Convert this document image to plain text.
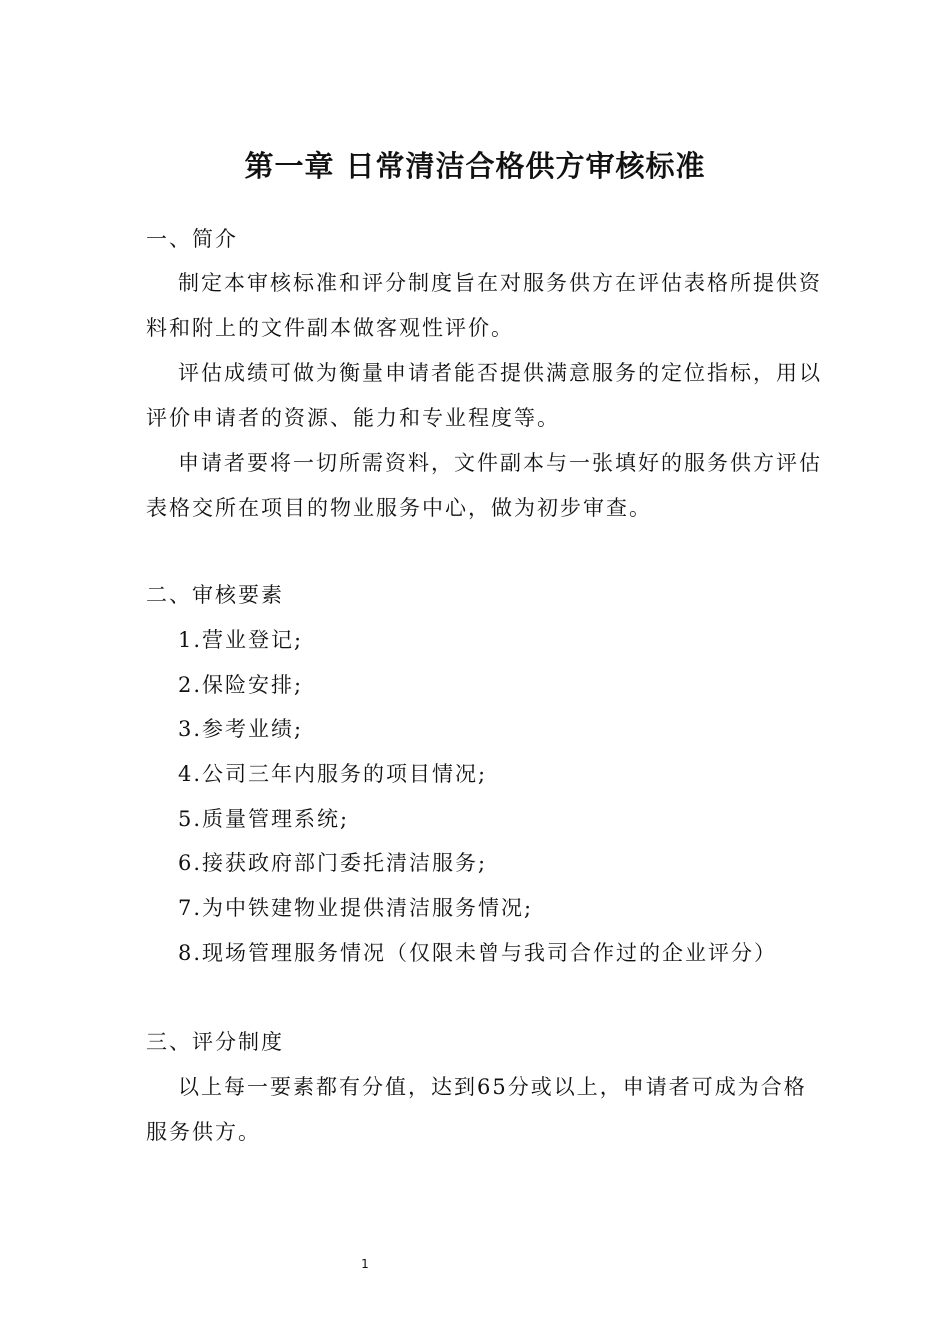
第一章 日常清洁合格供方审核标准
一、简介
制定本审核标准和评分制度旨在对服务供方在评估表格所提供资
料和附上的文件副本做客观性评价。
评估成绩可做为衡量申请者能否提供满意服务的定位指标，用以
评价申请者的资源、能力和专业程度等。
申请者要将一切所需资料，文件副本与一张填好的服务供方评估
表格交所在项目的物业服务中心，做为初步审查。
二、审核要素
1.营业登记;
2.保险安排;
3.参考业绩;
4.公司三年内服务的项目情况;
5.质量管理系统;
6.接获政府部门委托清洁服务;
7.为中铁建物业提供清洁服务情况;
8.现场管理服务情况（仅限未曾与我司合作过的企业评分）
三、评分制度
以上每一要素都有分值，达到65分或以上，申请者可成为合格
服务供方。
1
